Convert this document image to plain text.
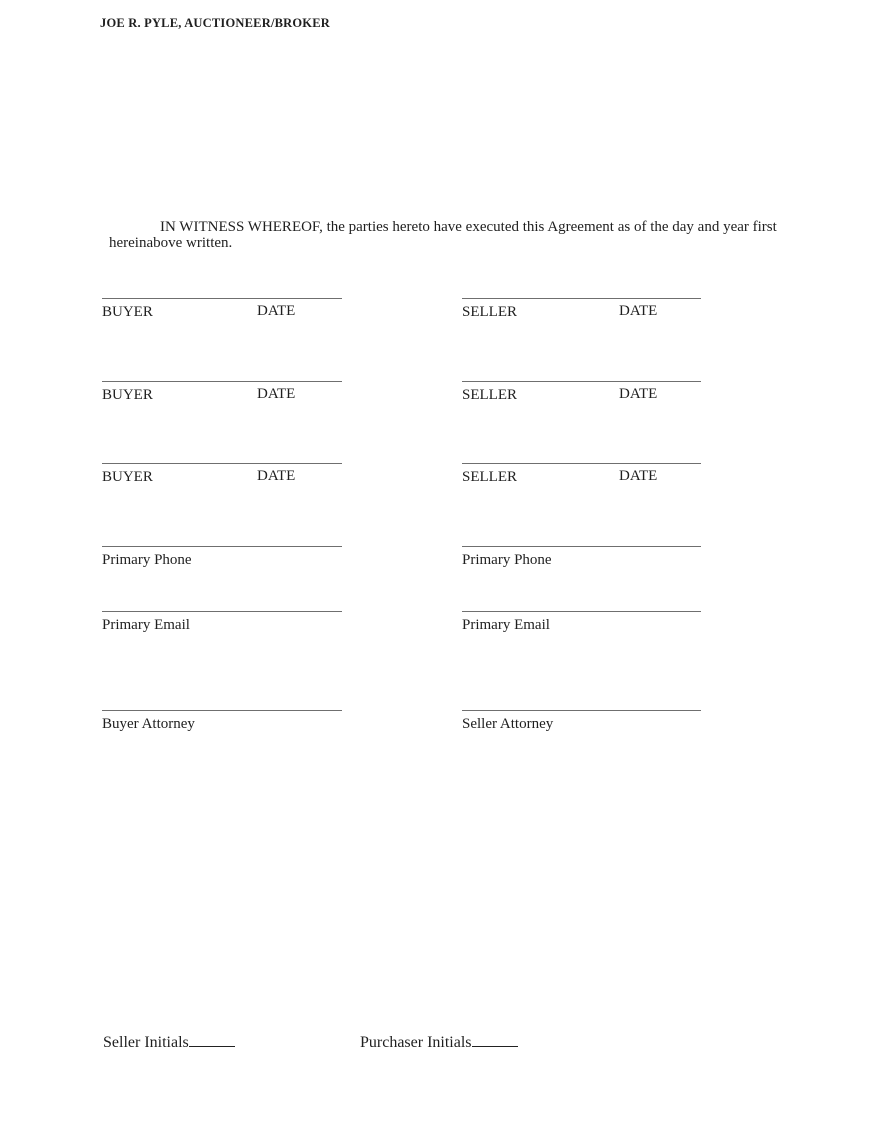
JOE R. PYLE, AUCTIONEER/BROKER

IN WITNESS WHEREOF, the parties hereto have executed this Agreement as of the day and year first hereinabove written.

BUYER	DATE	SELLER	DATE
BUYER	DATE	SELLER	DATE
BUYER	DATE	SELLER	DATE
Primary Phone	Primary Phone
Primary Email	Primary Email
Buyer Attorney	Seller Attorney
Seller Initials	Purchaser Initials
